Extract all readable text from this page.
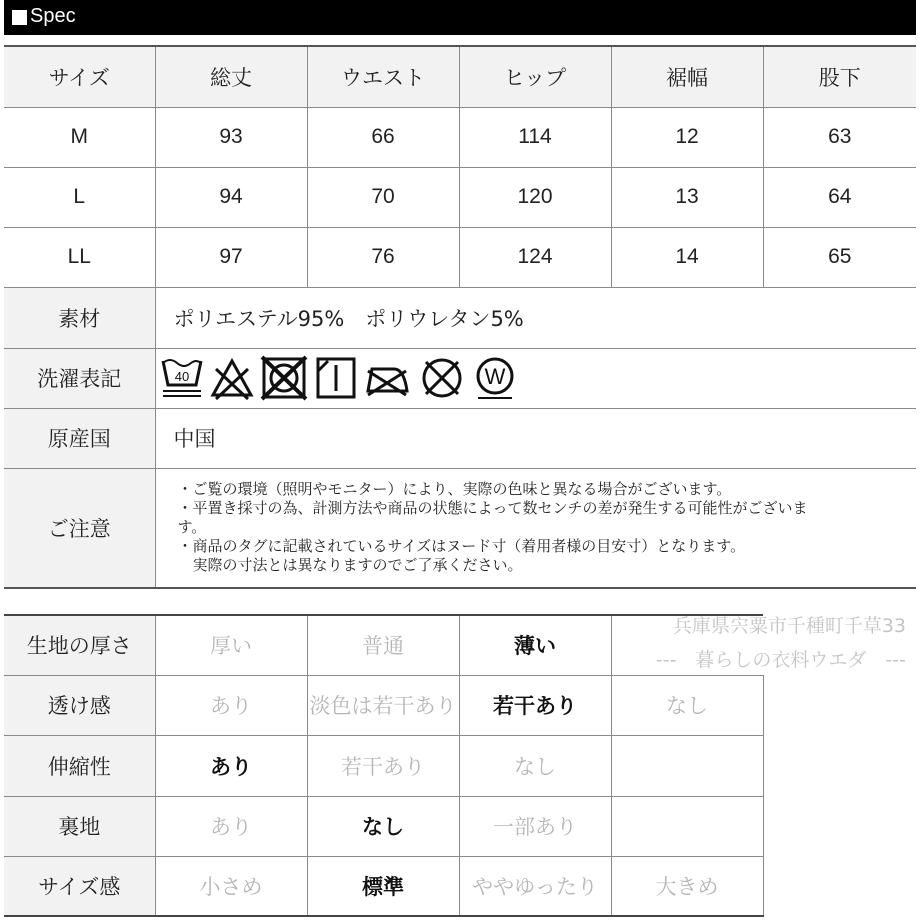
Spec
サイズ	総丈	ウエスト	ヒップ	裾幅	股下
M	93	66	114	12	63
L	94	70	120	13	64
LL	97	76	124	14	65
素材	ポリエステル95%　ポリウレタン5%				
洗濯表記	40 W				

原産国	中国				
ご注意	・ご覧の環境（照明やモニター）により、実際の色味と異なる場合がございます。
・平置き採寸の為、計測方法や商品の状態によって数センチの差が発生する可能性がございま
す。
・商品のタグに記載されているサイズはヌード寸（着用者様の目安寸）となります。
　実際の寸法とは異なりますのでご了承ください。				
生地の厚さ	厚い	普通	薄い	
透け感	あり	淡色は若干あり	若干あり	なし
伸縮性	あり	若干あり	なし	
裏地	あり	なし	一部あり	
サイズ感	小さめ	標準	ややゆったり	大きめ
兵庫県宍粟市千種町千草33
---　暮らしの衣料ウエダ　---
